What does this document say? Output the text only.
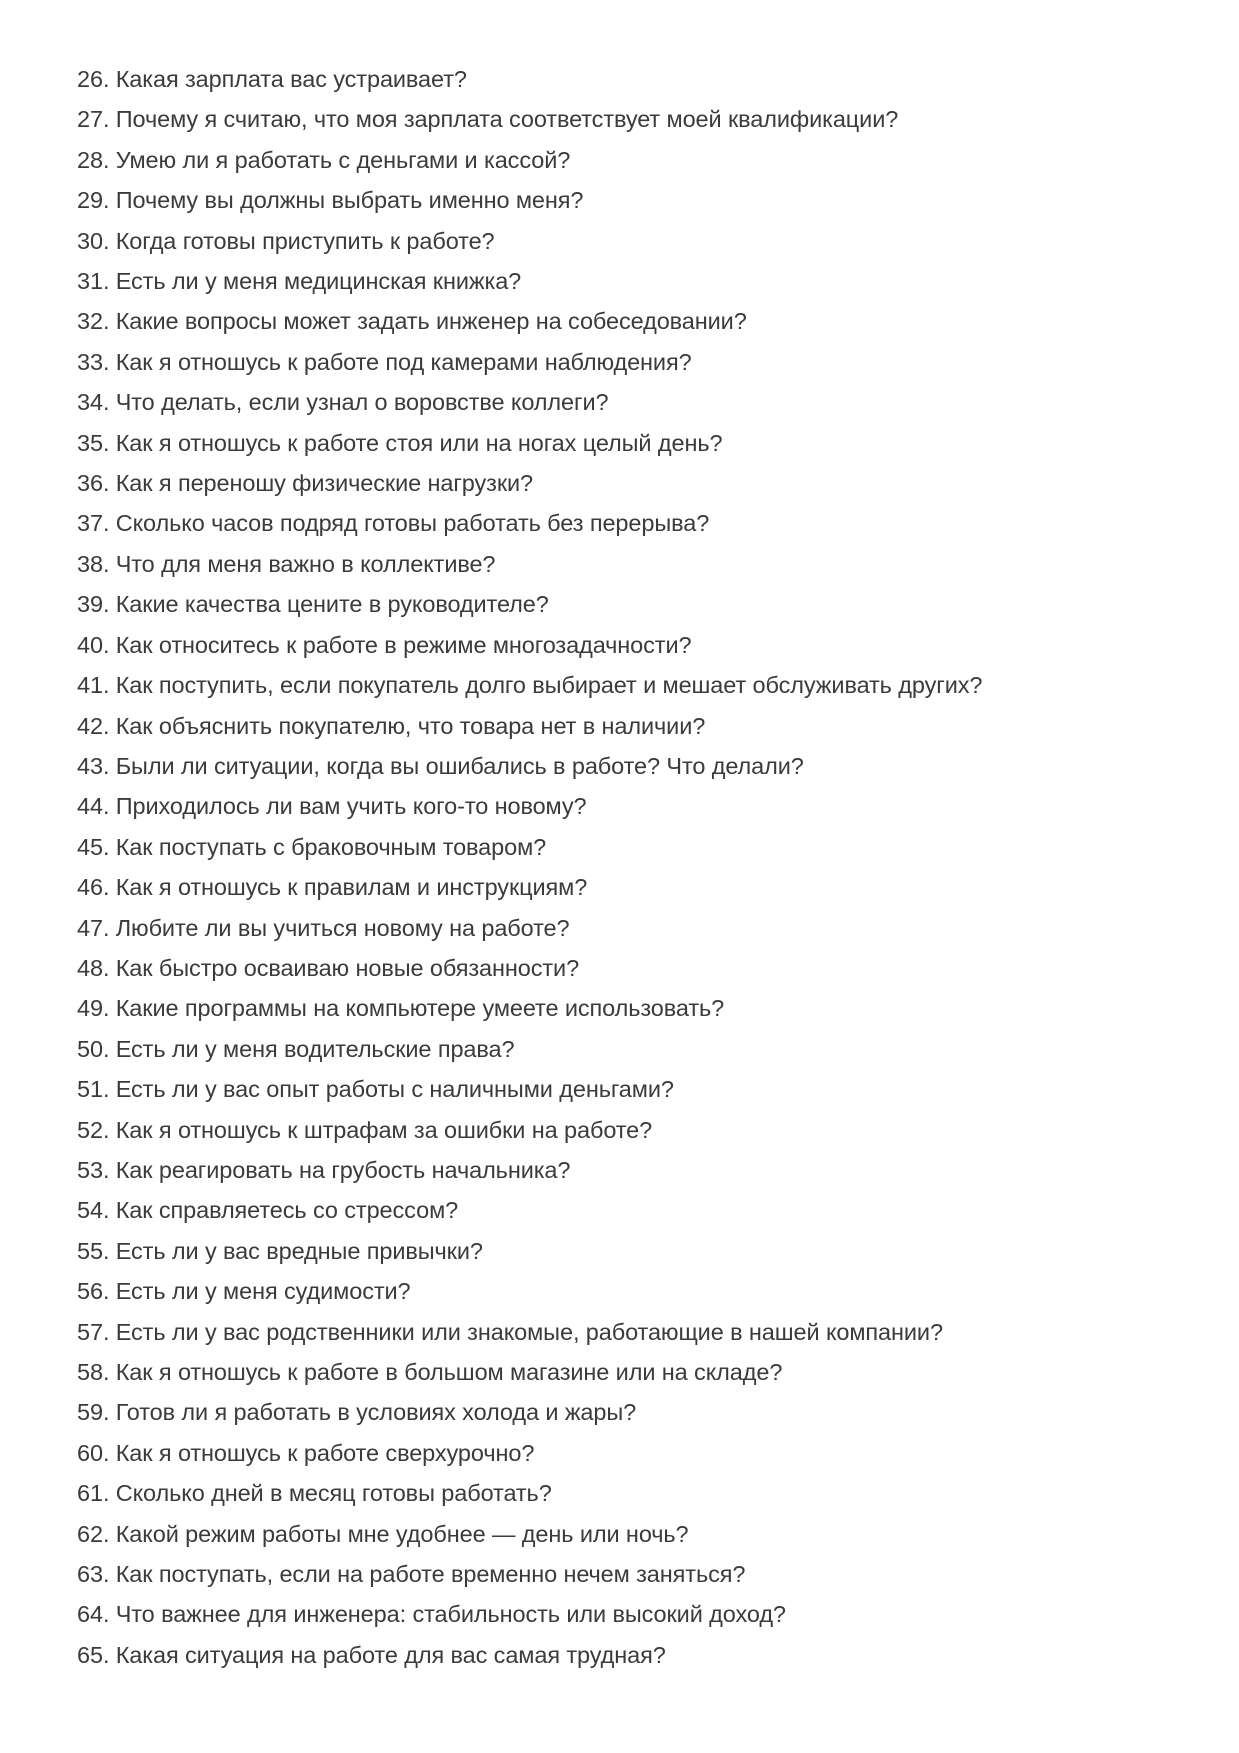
26. Какая зарплата вас устраивает?
27. Почему я считаю, что моя зарплата соответствует моей квалификации?
28. Умею ли я работать с деньгами и кассой?
29. Почему вы должны выбрать именно меня?
30. Когда готовы приступить к работе?
31. Есть ли у меня медицинская книжка?
32. Какие вопросы может задать инженер на собеседовании?
33. Как я отношусь к работе под камерами наблюдения?
34. Что делать, если узнал о воровстве коллеги?
35. Как я отношусь к работе стоя или на ногах целый день?
36. Как я переношу физические нагрузки?
37. Сколько часов подряд готовы работать без перерыва?
38. Что для меня важно в коллективе?
39. Какие качества цените в руководителе?
40. Как относитесь к работе в режиме многозадачности?
41. Как поступить, если покупатель долго выбирает и мешает обслуживать других?
42. Как объяснить покупателю, что товара нет в наличии?
43. Были ли ситуации, когда вы ошибались в работе? Что делали?
44. Приходилось ли вам учить кого-то новому?
45. Как поступать с браковочным товаром?
46. Как я отношусь к правилам и инструкциям?
47. Любите ли вы учиться новому на работе?
48. Как быстро осваиваю новые обязанности?
49. Какие программы на компьютере умеете использовать?
50. Есть ли у меня водительские права?
51. Есть ли у вас опыт работы с наличными деньгами?
52. Как я отношусь к штрафам за ошибки на работе?
53. Как реагировать на грубость начальника?
54. Как справляетесь со стрессом?
55. Есть ли у вас вредные привычки?
56. Есть ли у меня судимости?
57. Есть ли у вас родственники или знакомые, работающие в нашей компании?
58. Как я отношусь к работе в большом магазине или на складе?
59. Готов ли я работать в условиях холода и жары?
60. Как я отношусь к работе сверхурочно?
61. Сколько дней в месяц готовы работать?
62. Какой режим работы мне удобнее — день или ночь?
63. Как поступать, если на работе временно нечем заняться?
64. Что важнее для инженера: стабильность или высокий доход?
65. Какая ситуация на работе для вас самая трудная?
